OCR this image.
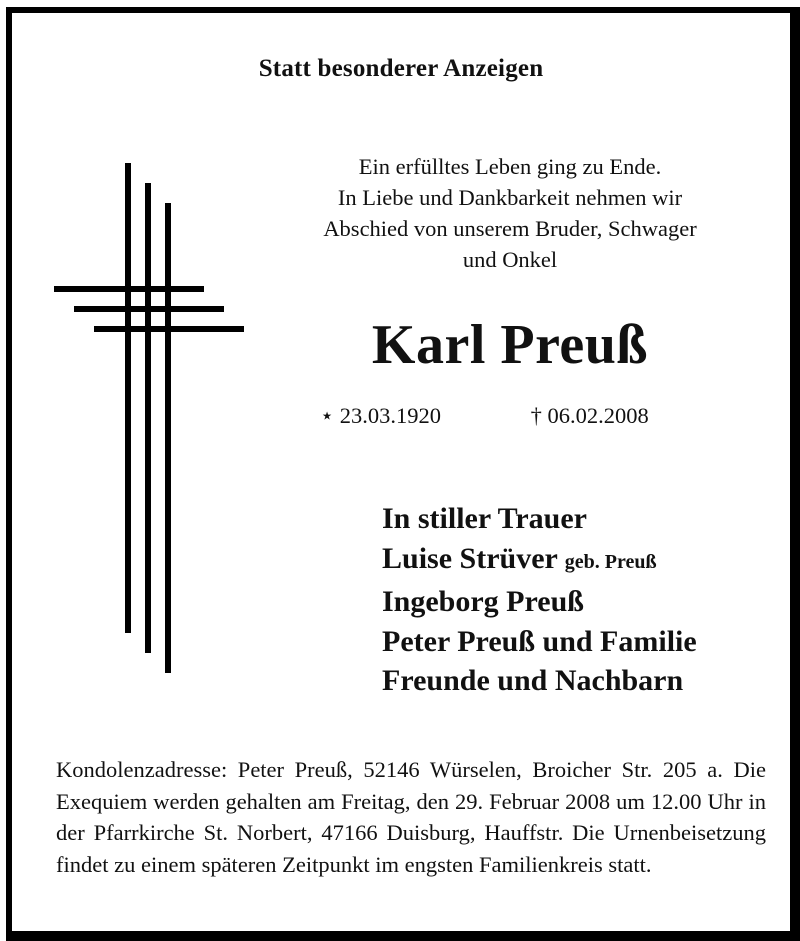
Statt besonderer Anzeigen
Ein erfülltes Leben ging zu Ende.
In Liebe und Dankbarkeit nehmen wir
Abschied von unserem Bruder, Schwager
und Onkel
Karl Preuß
⋆ 23.03.1920	† 06.02.2008
In stiller Trauer
Luise Strüver geb. Preuß
Ingeborg Preuß
Peter Preuß und Familie
Freunde und Nachbarn
Kondolenzadresse: Peter Preuß, 52146 Würselen, Broicher Str. 205 a. Die Exequiem werden gehalten am Freitag, den 29. Februar 2008 um 12.00 Uhr in der Pfarrkirche St. Norbert, 47166 Duisburg, Hauffstr. Die Urnenbeisetzung findet zu einem späteren Zeitpunkt im engsten Familienkreis statt.
